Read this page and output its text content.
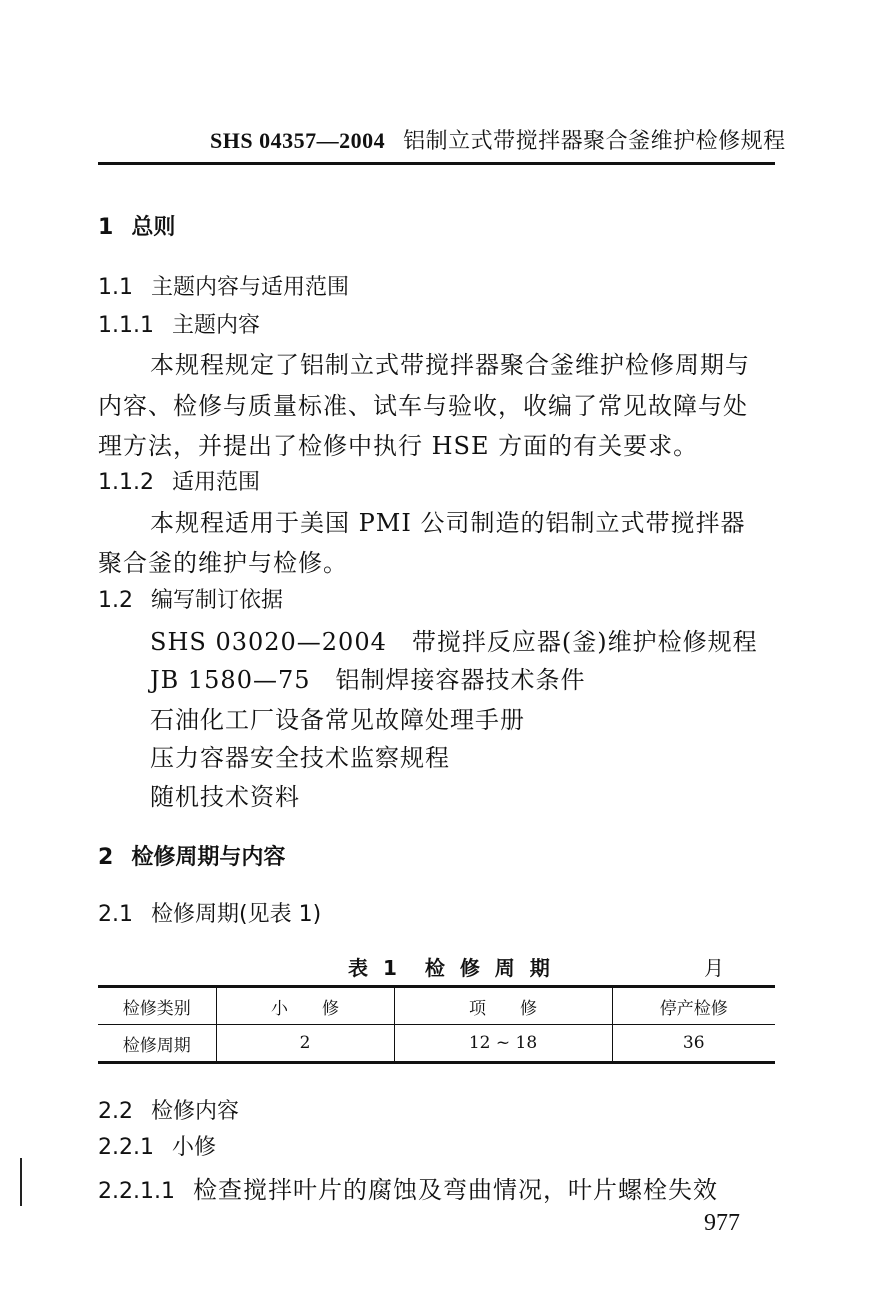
SHS 04357—2004 铝制立式带搅拌器聚合釜维护检修规程
1 总则
1.1 主题内容与适用范围
1.1.1 主题内容
本规程规定了铝制立式带搅拌器聚合釜维护检修周期与
内容、检修与质量标准、试车与验收，收编了常见故障与处
理方法，并提出了检修中执行 HSE 方面的有关要求。
1.1.2 适用范围
本规程适用于美国 PMI 公司制造的铝制立式带搅拌器
聚合釜的维护与检修。
1.2 编写制订依据
SHS 03020—2004　带搅拌反应器(釜)维护检修规程
JB 1580—75　铝制焊接容器技术条件
石油化工厂设备常见故障处理手册
压力容器安全技术监察规程
随机技术资料
2 检修周期与内容
2.1 检修周期(见表 1)
表 1　检 修 周 期	月
检修类别	小　　修	项　　修	停产检修
检修周期	2	12 ~ 18	36
2.2 检修内容
2.2.1 小修
2.2.1.1 检查搅拌叶片的腐蚀及弯曲情况，叶片螺栓失效
977
